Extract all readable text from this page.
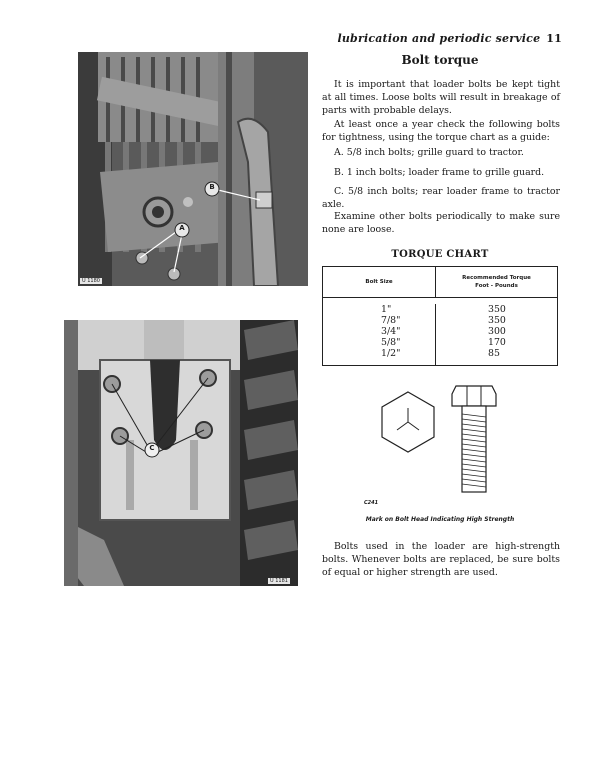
lubrication and periodic service 11
B
A
U 1180
C
U 1181
Bolt torque

It is important that loader bolts be kept tight at all times. Loose bolts will result in breakage of parts with probable delays.

At least once a year check the following bolts for tightness, using the torque chart as a guide:

A. 5/8 inch bolts; grille guard to tractor.

B. 1 inch bolts; loader frame to grille guard.

C. 5/8 inch bolts; rear loader frame to tractor axle.

Examine other bolts periodically to make sure none are loose.

TORQUE CHART
Bolt Size
Recommended Torque
Foot - Pounds
1"
7/8"
3/4"
5/8"
1/2"
350
350
300
170
85
C241
Mark on Bolt Head Indicating High Strength

Bolts used in the loader are high-strength bolts. Whenever bolts are replaced, be sure bolts of equal or higher strength are used.
